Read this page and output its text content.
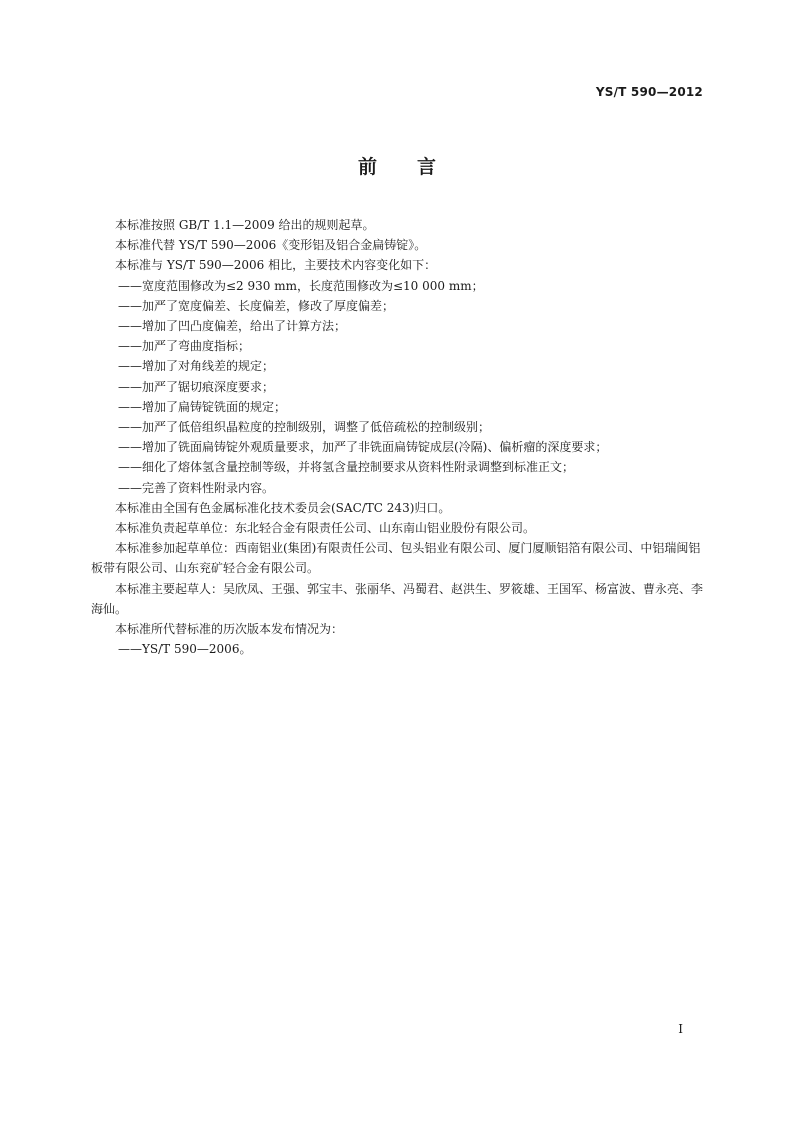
YS/T 590—2012
前言

本标准按照 GB/T 1.1—2009 给出的规则起草。

本标准代替 YS/T 590—2006《变形铝及铝合金扁铸锭》。

本标准与 YS/T 590—2006 相比，主要技术内容变化如下：

——宽度范围修改为≤2 930 mm，长度范围修改为≤10 000 mm；

——加严了宽度偏差、长度偏差，修改了厚度偏差；

——增加了凹凸度偏差，给出了计算方法；

——加严了弯曲度指标；

——增加了对角线差的规定；

——加严了锯切痕深度要求；

——增加了扁铸锭铣面的规定；

——加严了低倍组织晶粒度的控制级别，调整了低倍疏松的控制级别；

——增加了铣面扁铸锭外观质量要求，加严了非铣面扁铸锭成层(冷隔)、偏析瘤的深度要求；

——细化了熔体氢含量控制等级，并将氢含量控制要求从资料性附录调整到标准正文；

——完善了资料性附录内容。

本标准由全国有色金属标准化技术委员会(SAC/TC 243)归口。

本标准负责起草单位：东北轻合金有限责任公司、山东南山铝业股份有限公司。

本标准参加起草单位：西南铝业(集团)有限责任公司、包头铝业有限公司、厦门厦顺铝箔有限公司、中铝瑞闽铝板带有限公司、山东兖矿轻合金有限公司。

本标准主要起草人：吴欣凤、王强、郭宝丰、张丽华、冯蜀君、赵洪生、罗筱雄、王国军、杨富波、曹永亮、李海仙。

本标准所代替标准的历次版本发布情况为：

——YS/T 590—2006。

I
